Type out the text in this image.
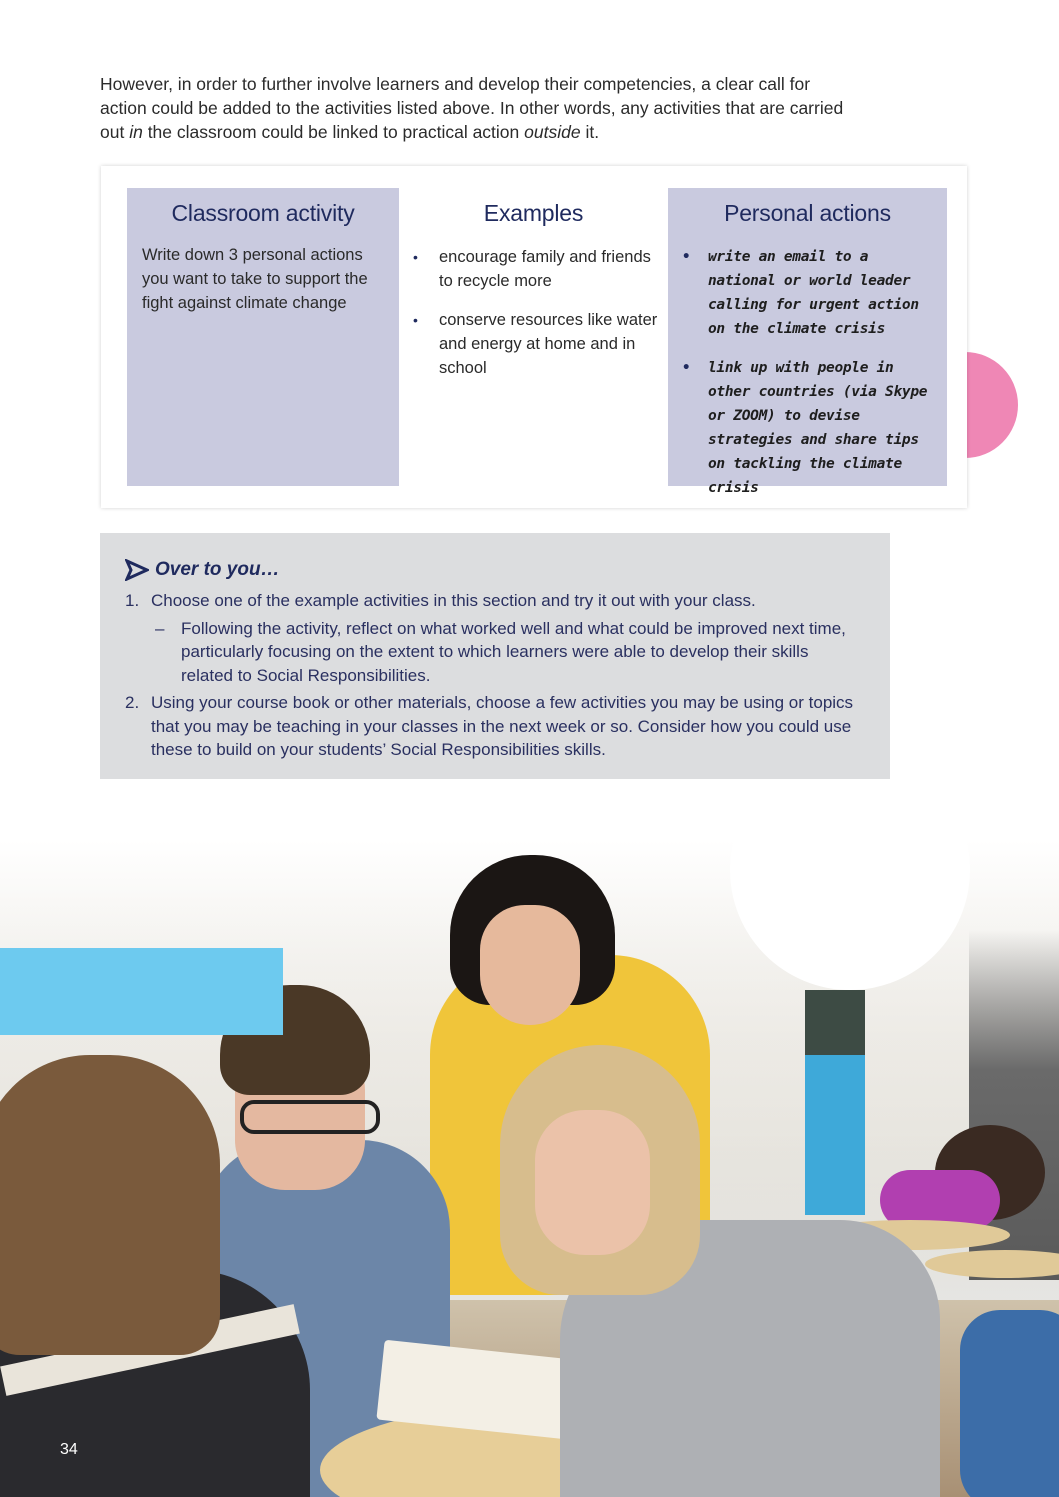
However, in order to further involve learners and develop their competencies, a clear call for action could be added to the activities listed above. In other words, any activities that are carried out in the classroom could be linked to practical action outside it.

Classroom activity
Write down 3 personal actions you want to take to support the fight against climate change
Examples
• encourage family and friends to recycle more
• conserve resources like water and energy at home and in school
Personal actions
• write an email to a national or world leader calling for urgent action on the climate crisis
• link up with people in other countries (via Skype or ZOOM) to devise strategies and share tips on tackling the climate crisis
Over to you…
1. Choose one of the example activities in this section and try it out with your class.
– Following the activity, reflect on what worked well and what could be improved next time, particularly focusing on the extent to which learners were able to develop their skills related to Social Responsibilities.
2. Using your course book or other materials, choose a few activities you may be using or topics that you may be teaching in your classes in the next week or so. Consider how you could use these to build on your students’ Social Responsibilities skills.
34
